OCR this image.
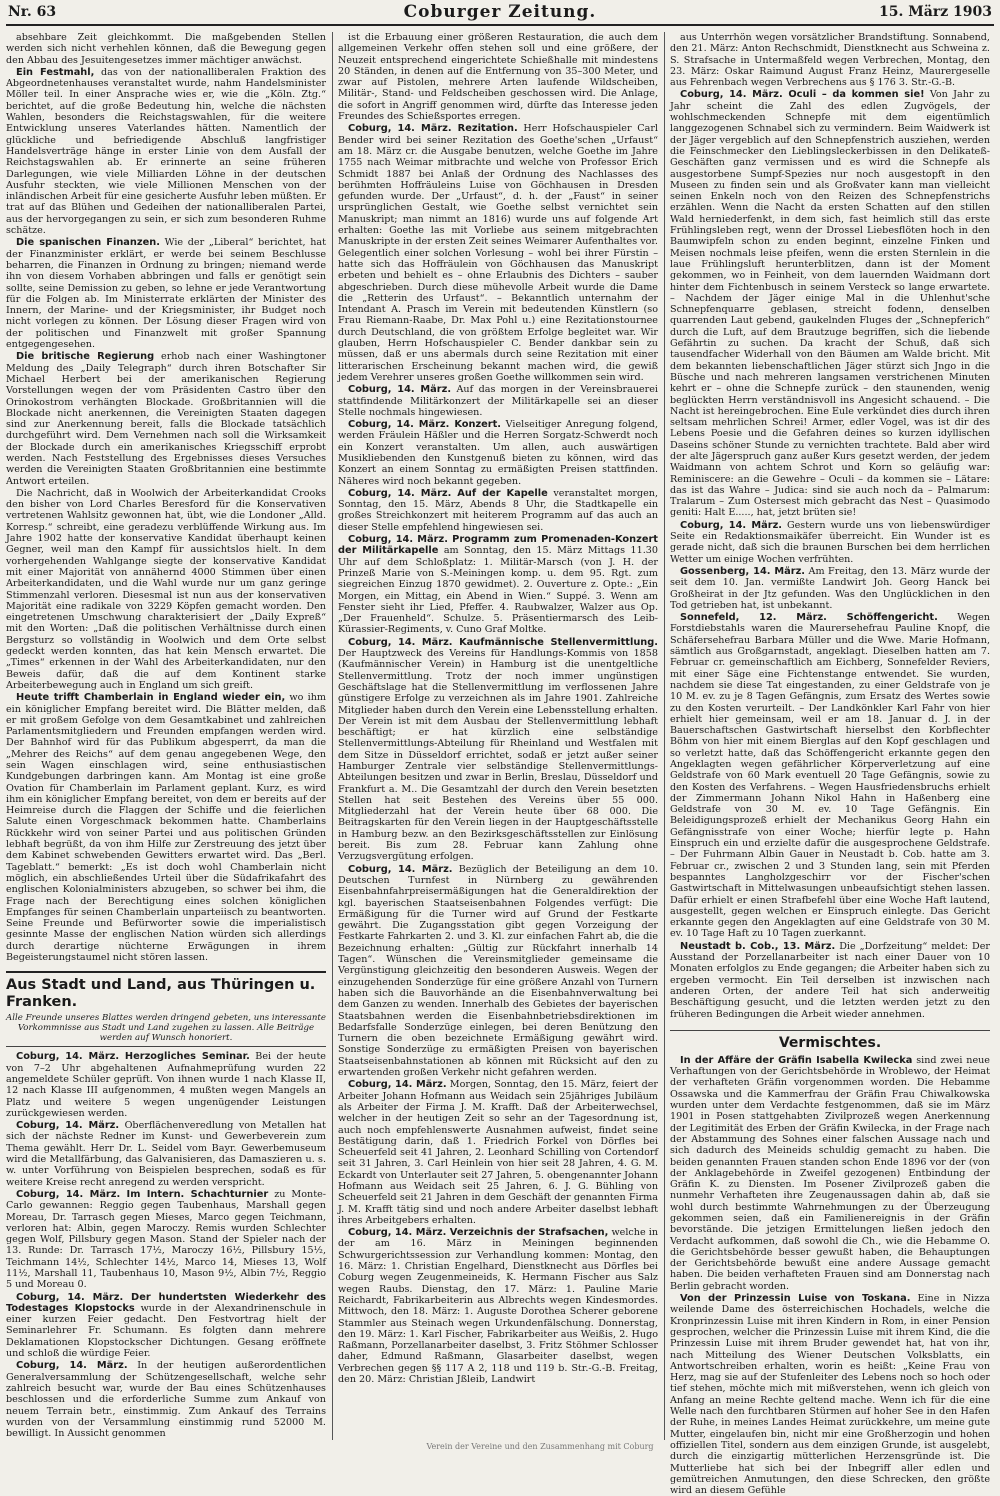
Nr. 63	Coburger Zeitung.	15. März 1903

absehbare Zeit gleichkommt. Die maßgebenden Stellen werden sich nicht verhehlen können, daß die Bewegung gegen den Abbau des Jesuitengesetzes immer mächtiger anwächst.

Ein Festmahl, das von der nationalliberalen Fraktion des Abgeordnetenhauses veranstaltet wurde, nahm Handelsminister Möller teil. In einer Ansprache wies er, wie die „Köln. Ztg.“ berichtet, auf die große Bedeutung hin, welche die nächsten Wahlen, besonders die Reichstagswahlen, für die weitere Entwicklung unseres Vaterlandes hätten. Namentlich der glückliche und befriedigende Abschluß langfristiger Handelsverträge hänge in erster Linie von dem Ausfall der Reichstagswahlen ab. Er erinnerte an seine früheren Darlegungen, wie viele Milliarden Löhne in der deutschen Ausfuhr steckten, wie viele Millionen Menschen von der inländischen Arbeit für eine gesicherte Ausfuhr leben müßten. Er trat auf das Blühen und Gedeihen der nationalliberalen Partei, aus der hervorgegangen zu sein, er sich zum besonderen Ruhme schätze.

Die spanischen Finanzen. Wie der „Liberal“ berichtet, hat der Finanzminister erklärt, er werde bei seinem Beschlusse beharren, die Finanzen in Ordnung zu bringen; niemand werde ihn von diesem Vorhaben abbringen und falls er genötigt sein sollte, seine Demission zu geben, so lehne er jede Verantwortung für die Folgen ab. Im Ministerrate erklärten der Minister des Innern, der Marine- und der Kriegsminister, ihr Budget noch nicht vorlegen zu können. Der Lösung dieser Fragen wird von der politischen und Finanzwelt mit großer Spannung entgegengesehen.

Die britische Regierung erhob nach einer Washingtoner Meldung des „Daily Telegraph“ durch ihren Botschafter Sir Michael Herbert bei der amerikanischen Regierung Vorstellungen wegen der vom Präsidenten Castro über den Orinokostrom verhängten Blockade. Großbritannien will die Blockade nicht anerkennen, die Vereinigten Staaten dagegen sind zur Anerkennung bereit, falls die Blockade tatsächlich durchgeführt wird. Dem Vernehmen nach soll die Wirksamkeit der Blockade durch ein amerikanisches Kriegsschiff erprobt werden. Nach Feststellung des Ergebnisses dieses Versuches werden die Vereinigten Staaten Großbritannien eine bestimmte Antwort erteilen.

Die Nachricht, daß in Woolwich der Arbeiterkandidat Crooks den bisher von Lord Charles Beresford für die Konservativen vertretenen Wahlsitz gewonnen hat, übt, wie die Londoner „Alld. Korresp.“ schreibt, eine geradezu verblüffende Wirkung aus. Im Jahre 1902 hatte der konservative Kandidat überhaupt keinen Gegner, weil man den Kampf für aussichtslos hielt. In dem vorhergehenden Wahlgange siegte der konservative Kandidat mit einer Majorität von annähernd 4000 Stimmen über einen Arbeiterkandidaten, und die Wahl wurde nur um ganz geringe Stimmenzahl verloren. Diesesmal ist nun aus der konservativen Majorität eine radikale von 3229 Köpfen gemacht worden. Den eingetretenen Umschwung charakterisiert der „Daily Expreß“ mit den Worten: „Daß die politischen Verhältnisse durch einen Bergsturz so vollständig in Woolwich und dem Orte selbst gedeckt werden konnten, das hat kein Mensch erwartet. Die „Times“ erkennen in der Wahl des Arbeiterkandidaten, nur den Beweis dafür, daß die auf dem Kontinent starke Arbeiterbewegung auch in England um sich greift.

Heute trifft Chamberlain in England wieder ein, wo ihm ein königlicher Empfang bereitet wird. Die Blätter melden, daß er mit großem Gefolge von dem Gesamtkabinet und zahlreichen Parlamentsmitgliedern und Freunden empfangen werden wird. Der Bahnhof wird für das Publikum abgesperrt, da man die „Mehrer des Reichs“ auf dem genau angegebenen Wege, den sein Wagen einschlagen wird, seine enthusiastischen Kundgebungen darbringen kann. Am Montag ist eine große Ovation für Chamberlain im Parlament geplant. Kurz, es wird ihm ein königlicher Empfang bereitet, von dem er bereits auf der Heimreise durch die Flaggen der Schiffe und die feierlichen Salute einen Vorgeschmack bekommen hatte. Chamberlains Rückkehr wird von seiner Partei und aus politischen Gründen lebhaft begrüßt, da von ihm Hilfe zur Zerstreuung des jetzt über dem Kabinet schwebenden Gewitters erwartet wird. Das „Berl. Tageblatt.“ bemerkt: „Es ist doch wohl Chamberlain nicht möglich, ein abschließendes Urteil über die Südafrikafahrt des englischen Kolonialministers abzugeben, so schwer bei ihm, die Frage nach der Berechtigung eines solchen königlichen Empfanges für seinen Chamberlain unparteiisch zu beantworten. Seine Freunde und Befürworter sowie die imperialistisch gesinnte Masse der englischen Nation würden sich allerdings durch derartige nüchterne Erwägungen in ihrem Begeisterungstaumel nicht stören lassen.

Aus Stadt und Land, aus Thüringen u. Franken.
Alle Freunde unseres Blattes werden dringend gebeten, uns interessante Vorkommnisse aus Stadt und Land zugehen zu lassen. Alle Beiträge werden auf Wunsch honoriert.

Coburg, 14. März. Herzogliches Seminar. Bei der heute von 7–2 Uhr abgehaltenen Aufnahmeprüfung wurden 22 angemeldete Schüler geprüft. Von ihnen wurde 1 nach Klasse II, 12 nach Klasse III aufgenommen, 4 mußten wegen Mangels an Platz und weitere 5 wegen ungenügender Leistungen zurückgewiesen werden.

Coburg, 14. März. Oberflächenveredlung von Metallen hat sich der nächste Redner im Kunst- und Gewerbeverein zum Thema gewählt. Herr Dr. L. Seidel vom Bayr. Gewerbemuseum wird die Metallfärbung, das Galvanisieren, das Damaszieren u. s. w. unter Vorführung von Beispielen besprechen, sodaß es für weitere Kreise recht anregend zu werden verspricht.

Coburg, 14. März. Im Intern. Schachturnier zu Monte-Carlo gewannen: Reggio gegen Taubenhaus, Marshall gegen Moreau, Dr. Tarrasch gegen Mieses, Marco gegen Teichmann, verloren hat: Albin, gegen Maroczy. Remis wurden Schlechter gegen Wolf, Pillsbury gegen Mason. Stand der Spieler nach der 13. Runde: Dr. Tarrasch 17½, Maroczy 16½, Pillsbury 15½, Teichmann 14½, Schlechter 14½, Marco 14, Mieses 13, Wolf 11½, Marshall 11, Taubenhaus 10, Mason 9½, Albin 7½, Reggio 5 und Moreau 0.

Coburg, 14. März. Der hundertsten Wiederkehr des Todestages Klopstocks wurde in der Alexandrinenschule in einer kurzen Feier gedacht. Den Festvortrag hielt der Seminarlehrer Fr. Schumann. Es folgten dann mehrere Deklamationen Klopstockscher Dichtungen. Gesang eröffnete und schloß die würdige Feier.

Coburg, 14. März. In der heutigen außerordentlichen Generalversammlung der Schützengesellschaft, welche sehr zahlreich besucht war, wurde der Bau eines Schützenhauses beschlossen und die erforderliche Summe zum Ankauf von neuem Terrain betr., einstimmig. Zum Ankauf des Terrains wurden von der Versammlung einstimmig rund 52000 M. bewilligt. In Aussicht genommen

ist die Erbauung einer größeren Restauration, die auch dem allgemeinen Verkehr offen stehen soll und eine größere, der Neuzeit entsprechend eingerichtete Schießhalle mit mindestens 20 Ständen, in denen auf die Entfernung von 35–300 Meter, und zwar auf Pistolen, mehrere Arten laufende Wildscheiben, Militär-, Stand- und Feldscheiben geschossen wird. Die Anlage, die sofort in Angriff genommen wird, dürfte das Interesse jeden Freundes des Schießsportes erregen.

Coburg, 14. März. Rezitation. Herr Hofschauspieler Carl Bender wird bei seiner Rezitation des Goethe'schen „Urfaust“ am 18. März cr. die Ausgabe benutzen, welche Goethe im Jahre 1755 nach Weimar mitbrachte und welche von Professor Erich Schmidt 1887 bei Anlaß der Ordnung des Nachlasses des berühmten Hoffräuleins Luise von Göchhausen in Dresden gefunden wurde. Der „Urfaust“, d. h. der „Faust“ in seiner ursprünglichen Gestalt, wie Goethe selbst vernichtet sein Manuskript; man nimmt an 1816) wurde uns auf folgende Art erhalten: Goethe las mit Vorliebe aus seinem mitgebrachten Manuskripte in der ersten Zeit seines Weimarer Aufenthaltes vor. Gelegentlich einer solchen Vorlesung – wohl bei ihrer Fürstin – hatte sich das Hoffräulein von Göchhausen das Manuskript erbeten und behielt es – ohne Erlaubnis des Dichters – sauber abgeschrieben. Durch diese mühevolle Arbeit wurde die Dame die „Retterin des Urfaust“. – Bekanntlich unternahm der Intendant A. Prasch im Verein mit bedeutenden Künstlern (so Frau Riemann-Raabe, Dr. Max Pohl u.) eine Rezitationstournee durch Deutschland, die von größtem Erfolge begleitet war. Wir glauben, Herrn Hofschauspieler C. Bender dankbar sein zu müssen, daß er uns abermals durch seine Rezitation mit einer litterarischen Erscheinung bekannt machen wird, die gewiß jedem Verehrer unseres großen Goethe willkommen sein wird.

Coburg, 14. März. Auf das morgen in der Vereinsbrauerei stattfindende Militärkonzert der Militärkapelle sei an dieser Stelle nochmals hingewiesen.

Coburg, 14. März. Konzert. Vielseitiger Anregung folgend, werden Fräulein Häßler und die Herren Sorgatz-Schwerdt noch ein Konzert veranstalten. Um allen, auch auswärtigen Musikliebenden den Kunstgenuß bieten zu können, wird das Konzert an einem Sonntag zu ermäßigten Preisen stattfinden. Näheres wird noch bekannt gegeben.

Coburg, 14. März. Auf der Kapelle veranstaltet morgen, Sonntag, den 15. März, Abends 8 Uhr, die Stadtkapelle ein großes Streichkonzert mit heiterem Programm auf das auch an dieser Stelle empfehlend hingewiesen sei.

Coburg, 14. März. Programm zum Promenaden-Konzert der Militärkapelle am Sonntag, den 15. März Mittags 11.30 Uhr auf dem Schloßplatz: 1. Militär-Marsch (von J. H. der Prinzeß Marie von S.-Meiningen komp. u. dem 95. Rgt. zum siegreichen Einzug 1870 gewidmet). 2. Ouverture z. Opte.: „Ein Morgen, ein Mittag, ein Abend in Wien.“ Suppé. 3. Wenn am Fenster sieht ihr Lied, Pfeffer. 4. Raubwalzer, Walzer aus Op. „Der Frauenheld“. Schulze. 5. Präsentiermarsch des Leib-Kürassier-Regiments, v. Cuno Graf Moltke.

Coburg, 14. März. Kaufmännische Stellenvermittlung. Der Hauptzweck des Vereins für Handlungs-Kommis von 1858 (Kaufmännischer Verein) in Hamburg ist die unentgeltliche Stellenvermittlung. Trotz der noch immer ungünstigen Geschäftslage hat die Stellenvermittlung im verflossenen Jahre günstigere Erfolge zu verzeichnen als im Jahre 1901. Zahlreiche Mitglieder haben durch den Verein eine Lebensstellung erhalten. Der Verein ist mit dem Ausbau der Stellenvermittlung lebhaft beschäftigt; er hat kürzlich eine selbständige Stellenvermittlungs-Abteilung für Rheinland und Westfalen mit dem Sitze in Düsseldorf errichtet, sodaß er jetzt außer seiner Hamburger Zentrale vier selbständige Stellenvermittlungs-Abteilungen besitzen und zwar in Berlin, Breslau, Düsseldorf und Frankfurt a. M.. Die Gesamtzahl der durch den Verein besetzten Stellen hat seit Bestehen des Vereins über 55 000. Mitgliederzahl hat der Verein heute über 68 000. Die Beitragskarten für den Verein liegen in der Hauptgeschäftsstelle in Hamburg bezw. an den Bezirksgeschäftsstellen zur Einlösung bereit. Bis zum 28. Februar kann Zahlung ohne Verzugsvergütung erfolgen.

Coburg, 14. März. Bezüglich der Beteiligung an dem 10. Deutschen Turnfest in Nürnberg zu gewährenden Eisenbahnfahrpreisermäßigungen hat die Generaldirektion der kgl. bayerischen Staatseisenbahnen Folgendes verfügt: Die Ermäßigung für die Turner wird auf Grund der Festkarte gewährt. Die Zugangsstation gibt gegen Vorzeigung der Festkarte Fahrkarten 2. und 3. Kl. zur einfachen Fahrt ab, die die Bezeichnung erhalten: „Gültig zur Rückfahrt innerhalb 14 Tagen“. Wünschen die Vereinsmitglieder gemeinsame die Vergünstigung gleichzeitig den besonderen Ausweis. Wegen der einzugehenden Sonderzüge für eine größere Anzahl von Turnern haben sich die Bauvorhände an die Eisenbahnverwaltung bei dem Ganzen zu wenden. Innerhalb des Gebietes der bayerischen Staatsbahnen werden die Eisenbahnbetriebsdirektionen im Bedarfsfalle Sonderzüge einlegen, bei deren Benützung den Turnern die oben bezeichnete Ermäßigung gewährt wird. Sonstige Sonderzüge zu ermäßigten Preisen von bayerischen Staatseisenbahnstationen ab können mit Rücksicht auf den zu erwartenden großen Verkehr nicht gefahren werden.

Coburg, 14. März. Morgen, Sonntag, den 15. März, feiert der Arbeiter Johann Hofmann aus Weidach sein 25jähriges Jubiläum als Arbeiter der Firma J. M. Krafft. Daß der Arbeiterwechsel, welcher in der heutigen Zeit so sehr an der Tagesordnung ist, auch noch empfehlenswerte Ausnahmen aufweist, findet seine Bestätigung darin, daß 1. Friedrich Forkel von Dörfles bei Scheuerfeld seit 41 Jahren, 2. Leonhard Schilling von Cortendorf seit 31 Jahren, 3. Carl Heinlein von hier seit 28 Jahren, 4. G. M. Eckardt von Unterlauter seit 27 Jahren, 5. obengenannter Johann Hofmann aus Weidach seit 25 Jahren, 6. J. G. Bühling von Scheuerfeld seit 21 Jahren in dem Geschäft der genannten Firma J. M. Krafft tätig sind und noch andere Arbeiter daselbst lebhaft ihres Arbeitgebers erhalten.

Coburg, 14. März. Verzeichnis der Strafsachen, welche in der am 16. März in Meiningen beginnenden Schwurgerichtssession zur Verhandlung kommen: Montag, den 16. März: 1. Christian Engelhard, Dienstknecht aus Dörfles bei Coburg wegen Zeugenmeineids, K. Hermann Fischer aus Salz wegen Raubs. Dienstag, den 17. März: 1. Pauline Marie Reichardt, Fabrikarbeiterin aus Albrechts wegen Kindesmordes. Mittwoch, den 18. März: 1. Auguste Dorothea Scherer geborene Stammler aus Steinach wegen Urkundenfälschung. Donnerstag, den 19. März: 1. Karl Fischer, Fabrikarbeiter aus Weißis, 2. Hugo Raßmann, Porzellanarbeiter daselbst, 3. Fritz Stöhmer Schlosser daher, Edmund Raßmann, Glasarbeiter daselbst, wegen Verbrechen gegen §§ 117 A 2, 118 und 119 b. Str.-G.-B. Freitag, den 20. März: Christian Jßleib, Landwirt

aus Unterrhön wegen vorsätzlicher Brandstiftung. Sonnabend, den 21. März: Anton Rechschmidt, Dienstknecht aus Schweina z. S. Strafsache in Untermaßfeld wegen Verbrechen, Montag, den 23. März: Oskar Raimund August Franz Heinz, Maurergeselle aus Fehrenbach wegen Verbrechens aus § 176 3. Str.-G.-B.

Coburg, 14. März. Oculi – da kommen sie! Von Jahr zu Jahr scheint die Zahl des edlen Zugvögels, der wohlschmeckenden Schnepfe mit dem eigentümlich langgezogenen Schnabel sich zu vermindern. Beim Waidwerk ist der Jäger vergeblich auf den Schnepfenstrich ausziehen, werden die Feinschmecker den Lieblingsleckerbissen in den Delikateß-Geschäften ganz vermissen und es wird die Schnepfe als ausgestorbene Sumpf-Spezies nur noch ausgestopft in den Museen zu finden sein und als Großvater kann man vielleicht seinen Enkeln noch von den Reizen des Schnepfenstrichs erzählen. Wenn die Nacht da ersten Schatten auf den stillen Wald herniederfenkt, in dem sich, fast heimlich still das erste Frühlingsleben regt, wenn der Drossel Liebesflöten hoch in den Baumwipfeln schon zu enden beginnt, einzelne Finken und Meisen nochmals leise pfeifen, wenn die ersten Sternlein in die laue Frühlingsluft herunterblitzen, dann ist der Moment gekommen, wo in Feinheit, von dem lauernden Waidmann dort hinter dem Fichtenbusch in seinem Versteck so lange erwartete. – Nachdem der Jäger einige Mal in die Uhlenhut'sche Schnepfenquarre geblasen, streicht fodenn, denselben quarrenden Laut gebend, gaukelnden Fluges der „Schnepferich“ durch die Luft, auf dem Brautzuge begriffen, sich die liebende Gefährtin zu suchen. Da kracht der Schuß, daß sich tausendfacher Widerhall von den Bäumen am Walde bricht. Mit dem bekannten liebenschaftlichen Jäger stürzt sich Jngo in die Büsche und nach mehreren langsamen verstrichenen Minuten kehrt er – ohne die Schnepfe zurück – den staunenden, wenig beglückten Herrn verständnisvoll ins Angesicht schauend. – Die Nacht ist hereingebrochen. Eine Eule verkündet dies durch ihren seltsam mehrlichen Schrei! Armer, edler Vogel, was ist dir des Lebens Poesie und die Gefahren deines so kurzen idyllischen Daseins schöner Stunde zu vernichten trachtete. Bald aber wird der alte Jägerspruch ganz außer Kurs gesetzt werden, der jedem Waidmann von achtem Schrot und Korn so geläufig war: Reminiscere: an die Gewehre – Oculi – da kommen sie – Lätare: das ist das Wahre – Judica: sind sie auch noch da – Palmarum: Tralarum – Zum Ostersest mich gebracht das Nest – Quasimodo geniti: Halt E....., hat, jetzt brüten sie!

Coburg, 14. März. Gestern wurde uns von liebenswürdiger Seite ein Redaktionsmaikäfer überreicht. Ein Wunder ist es gerade nicht, daß sich die braunen Burschen bei dem herrlichen Wetter um einige Wochen verfrühten.

Gossenberg, 14. März. Am Freitag, den 13. März wurde der seit dem 10. Jan. vermißte Landwirt Joh. Georg Hanck bei Großheirat in der Jtz gefunden. Was den Unglücklichen in den Tod getrieben hat, ist unbekannt.

Sonnefeld, 12. März. Schöffengericht. Wegen Forstdiebstahls waren die Maurersehefrau Pauline Knopf, die Schäfersehefrau Barbara Müller und die Wwe. Marie Hofmann, sämtlich aus Großgarnstadt, angeklagt. Dieselben hatten am 7. Februar cr. gemeinschaftlich am Eichberg, Sonnefelder Reviers, mit einer Säge eine Fichtenstange entwendet. Sie wurden, nachdem sie diese Tat eingestanden, zu einer Geldstrafe von je 10 M. ev. zu je 8 Tagen Gefängnis, zum Ersatz des Wertes sowie zu den Kosten verurteilt. – Der Landkönkler Karl Fahr von hier erhielt hier gemeinsam, weil er am 18. Januar d. J. in der Bauerschaftschen Gastwirtschaft hierselbst den Korbflechter Böhm von hier mit einem Bierglas auf den Kopf geschlagen und so verletzt hatte, daß das Schöffengericht erkannte gegen den Angeklagten wegen gefährlicher Körperverletzung auf eine Geldstrafe von 60 Mark eventuell 20 Tage Gefängnis, sowie zu den Kosten des Verfahrens. – Wegen Hausfriedensbruchs erhielt der Zimmermann Johann Nikol Hahn in Haßenberg eine Geldstrafe von 30 M. ev. 10 Tage Gefängnis. Ein Beleidigungsprozeß erhielt der Mechanikus Georg Hahn ein Gefängnisstrafe von einer Woche; hierfür legte p. Hahn Einspruch ein und erzielte dafür die ausgesprochene Geldstrafe. – Der Fuhrmann Albin Gauer in Neustadt b. Cob. hatte am 3. Februar cr., zwischen 2 und 3 Stunden lang, sein mit Pferden bespanntes Langholzgeschirr vor der Fischer'schen Gastwirtschaft in Mittelwasungen unbeaufsichtigt stehen lassen. Dafür erhielt er einen Strafbefehl über eine Woche Haft lautend, ausgestellt, gegen welchen er Einspruch einlegte. Das Gericht erkannte gegen den Angeklagten auf eine Geldstrafe von 30 M. ev. 10 Tage Haft zu 10 Tagen zuerkannt.

Neustadt b. Cob., 13. März. Die „Dorfzeitung“ meldet: Der Ausstand der Porzellanarbeiter ist nach einer Dauer von 10 Monaten erfolglos zu Ende gegangen; die Arbeiter haben sich zu ergeben vermocht. Ein Teil derselben ist inzwischen nach anderen Orten, der andere Teil hat sich anderweitig Beschäftigung gesucht, und die letzten werden jetzt zu den früheren Bedingungen die Arbeit wieder annehmen.

Vermischtes.

In der Affäre der Gräfin Isabella Kwilecka sind zwei neue Verhaftungen von der Gerichtsbehörde in Wroblewo, der Heimat der verhafteten Gräfin vorgenommen worden. Die Hebamme Ossawska und die Kammerfrau der Gräfin Frau Chiwalkowska wurden unter dem Verdachte festgenommen, daß sie im März 1901 in Posen stattgehabten Zivilprozeß wegen Anerkennung der Legitimität des Erben der Gräfin Kwilecka, in der Frage nach der Abstammung des Sohnes einer falschen Aussage nach und sich dadurch des Meineids schuldig gemacht zu haben. Die beiden genannten Frauen standen schon Ende 1896 vor der (von der Anklagebehörde in Zweifel gezogenen) Entbindung der Gräfin K. zu Diensten. Im Posener Zivilprozeß gaben die nunmehr Verhafteten ihre Zeugenaussagen dahin ab, daß sie wohl durch bestimmte Wahrnehmungen zu der Überzeugung gekommen seien, daß ein Familienereignis in der Gräfin bevorstände. Die jetzigen Ermittelungen ließen jedoch den Verdacht aufkommen, daß sowohl die Ch., wie die Hebamme O. die Gerichtsbehörde besser gewußt haben, die Behauptungen der Gerichtsbehörde bewußt eine andere Aussage gemacht haben. Die beiden verhafteten Frauen sind am Donnerstag nach Berlin gebracht worden.

Von der Prinzessin Luise von Toskana. Eine in Nizza weilende Dame des österreichischen Hochadels, welche die Kronprinzessin Luise mit ihren Kindern in Rom, in einer Pension gesprochen, welcher die Prinzessin Luise mit ihrem Kind, die die Prinzessin Luise mit ihrem Bruder gewendet hat, hat von ihr, nach Mitteilung des Wiener Deutschen Volksblatts, ein Antwortschreiben erhalten, worin es heißt: „Keine Frau von Herz, mag sie auf der Stufenleiter des Lebens noch so hoch oder tief stehen, möchte mich mit mißverstehen, wenn ich gleich von Anfang an meine Rechte geltend mache. Wenn ich für die eine Welle nach den furchtbaren Stürmen auf hoher See in den Hafen der Ruhe, in meines Landes Heimat zurückkehre, um meine gute Mutter, eingelaufen bin, nicht mir eine Großherzogin und hohen offiziellen Titel, sondern aus dem einzigen Grunde, ist ausgelebt, durch die einzigartig mütterlichen Herzensgründe ist. Die Mutterliebe hat sich bei der Inbegriff aller edlen und gemütreichen Anmutungen, den diese Schrecken, den größte wird an diesem Gefühle

Verein der Vereine und den Zusammenhang mit Coburg
